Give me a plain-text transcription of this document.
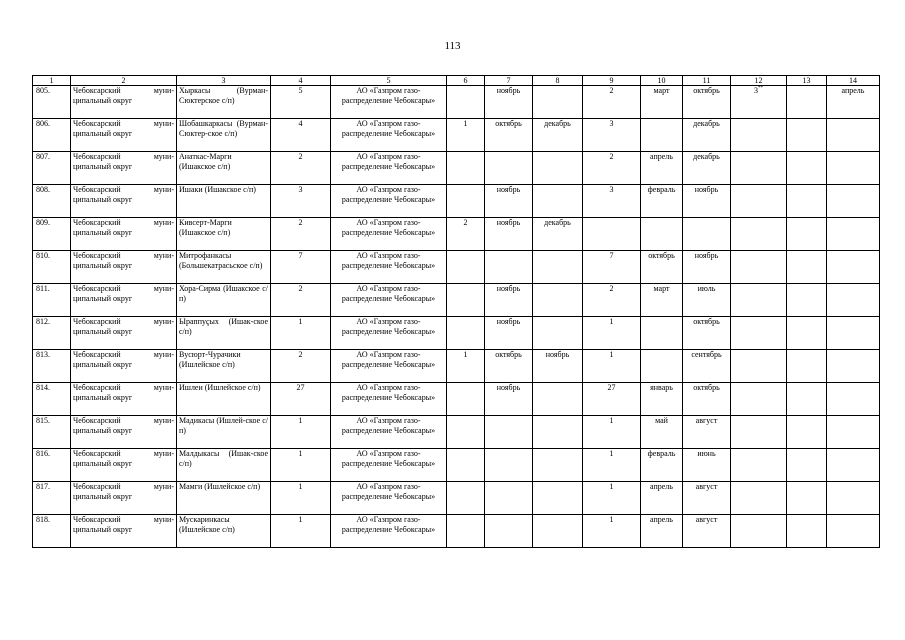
113
1	2	3	4	5	6	7	8	9	10	11	12	13	14
805.	Чебоксарский муни-ципальный округ	Хыркасы (Вурман-Сюктерское с/п)	5	АО «Газпром газо-распределение Чебоксары»		ноябрь		2	март	октябрь	3**		апрель
806.	Чебоксарский муни-ципальный округ	Шобашкаркасы (Вурман-Сюктер-ское с/п)	4	АО «Газпром газо-распределение Чебоксары»	1	октябрь	декабрь	3		декабрь			
807.	Чебоксарский муни-ципальный округ	Анаткас-Марги (Ишакское с/п)	2	АО «Газпром газо-распределение Чебоксары»				2	апрель	декабрь			
808.	Чебоксарский муни-ципальный округ	Ишаки (Ишакское с/п)	3	АО «Газпром газо-распределение Чебоксары»		ноябрь		3	февраль	ноябрь			
809.	Чебоксарский муни-ципальный округ	Кивсерт-Марги (Ишакское с/п)	2	АО «Газпром газо-распределение Чебоксары»	2	ноябрь	декабрь						
810.	Чебоксарский муни-ципальный округ	Митрофанкасы (Большекатрасьское с/п)	7	АО «Газпром газо-распределение Чебоксары»				7	октябрь	ноябрь			
811.	Чебоксарский муни-ципальный округ	Хора-Сирма (Ишакское с/п)	2	АО «Газпром газо-распределение Чебоксары»		ноябрь		2	март	июль			
812.	Чебоксарский муни-ципальный округ	Ыраппуҫых (Ишак-ское с/п)	1	АО «Газпром газо-распределение Чебоксары»		ноябрь		1		октябрь			
813.	Чебоксарский муни-ципальный округ	Вусюрт-Чурачики (Ишлейское с/п)	2	АО «Газпром газо-распределение Чебоксары»	1	октябрь	ноябрь	1		сентябрь			
814.	Чебоксарский муни-ципальный округ	Ишлеи (Ишлейское с/п)	27	АО «Газпром газо-распределение Чебоксары»		ноябрь		27	январь	октябрь			
815.	Чебоксарский муни-ципальный округ	Мадикасы (Ишлей-ское с/п)	1	АО «Газпром газо-распределение Чебоксары»				1	май	август			
816.	Чебоксарский муни-ципальный округ	Малдыкасы (Ишак-ское с/п)	1	АО «Газпром газо-распределение Чебоксары»				1	февраль	июнь			
817.	Чебоксарский муни-ципальный округ	Мамги (Ишлейское с/п)	1	АО «Газпром газо-распределение Чебоксары»				1	апрель	август			
818.	Чебоксарский муни-ципальный округ	Мускаринкасы (Ишлейское с/п)	1	АО «Газпром газо-распределение Чебоксары»				1	апрель	август			
